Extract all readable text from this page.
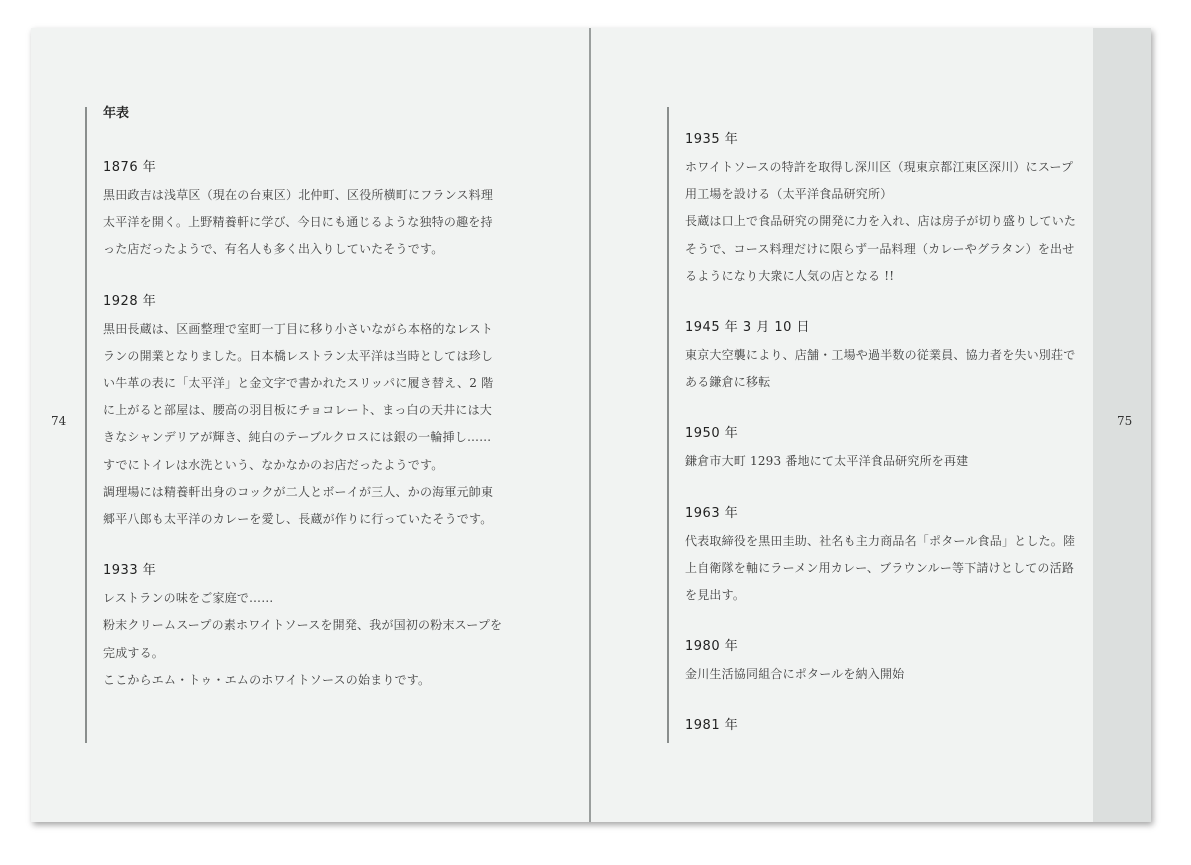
74	75
年表
1876 年
黒田政吉は浅草区（現在の台東区）北仲町、区役所横町にフランス料理太平洋を開く。上野精養軒に学び、今日にも通じるような独特の趣を持った店だったようで、有名人も多く出入りしていたそうです。
1928 年
黒田長蔵は、区画整理で室町一丁目に移り小さいながら本格的なレストランの開業となりました。日本橋レストラン太平洋は当時としては珍しい牛革の表に「太平洋」と金文字で書かれたスリッパに履き替え、2 階に上がると部屋は、腰高の羽目板にチョコレート、まっ白の天井には大きなシャンデリアが輝き、純白のテーブルクロスには銀の一輪挿し……
すでにトイレは水洗という、なかなかのお店だったようです。
調理場には精養軒出身のコックが二人とボーイが三人、かの海軍元帥東郷平八郎も太平洋のカレーを愛し、長蔵が作りに行っていたそうです。
1933 年
レストランの味をご家庭で……
粉末クリームスープの素ホワイトソースを開発、我が国初の粉末スープを完成する。
ここからエム・トゥ・エムのホワイトソースの始まりです。
1935 年
ホワイトソースの特許を取得し深川区（現東京都江東区深川）にスープ用工場を設ける（太平洋食品研究所）
長蔵は口上で食品研究の開発に力を入れ、店は房子が切り盛りしていたそうで、コース料理だけに限らず一品料理（カレーやグラタン）を出せるようになり大衆に人気の店となる !!
1945 年 3 月 10 日
東京大空襲により、店舗・工場や過半数の従業員、協力者を失い別荘である鎌倉に移転
1950 年
鎌倉市大町 1293 番地にて太平洋食品研究所を再建
1963 年
代表取締役を黒田圭助、社名も主力商品名「ポタール食品」とした。陸上自衛隊を軸にラーメン用カレー、ブラウンルー等下請けとしての活路を見出す。
1980 年
金川生活協同組合にポタールを納入開始
1981 年
